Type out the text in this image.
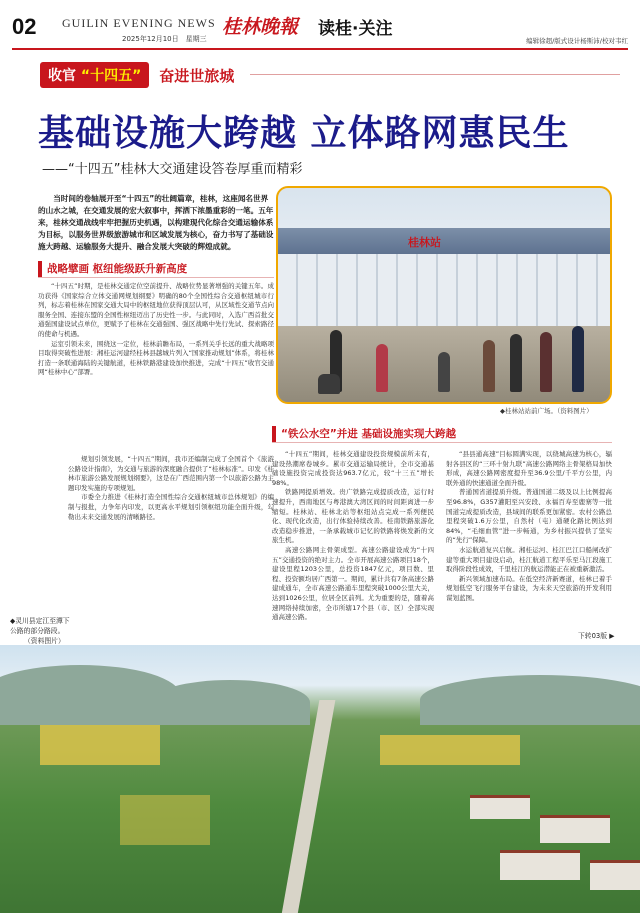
02 GUILIN EVENING NEWS
2025年12月10日　星期三
桂林晚報 读桂·关注
编辑徐超/版式设计杨斯沛/校对韦红
收官 “十四五”	奋进世旅城
基础设施大跨越 立体路网惠民生
——“十四五”桂林大交通建设答卷厚重而精彩
当时间的卷轴展开至“十四五”的壮阔篇章，桂林，这座闻名世界的山水之城，在交通发展的宏大叙事中，挥洒下浓墨重彩的一笔。五年来，桂林交通战线牢牢把握历史机遇，以构建现代化综合交通运输体系为目标，以服务世界级旅游城市和区域发展为核心，奋力书写了基础设施大跨越、运输服务大提升、融合发展大突破的辉煌成就。
战略擘画 枢纽能级跃升新高度

“十四五”时期，是桂林交通定位空前提升、战略位势显著增强的关键五年。成功获得《国家综合立体交通网规划纲要》明确的80个全国性综合交通枢纽城市行列，标志着桂林在国家交通大局中的枢纽地位获得顶层认可，从区域性交通节点向服务全国、连接东盟的全国性枢纽迈出了历史性一步。与此同时，入选广西首批交通强国建设试点单位，更赋予了桂林在交通强国、强区战略中先行先试、探索路径的使命与机遇。

运室引领未来，围绕这一定位，桂林前瞻布局，一系列关乎长远的重大战略项目取得突破性进展：湘桂运河建经桂林县越城片列入“国家推动规划”体系，将桂林打造一条联通海陆的关键航道，桂林铁路港建设加快推进，完成“十四五”收官交通网“桂林中心”部署。

规划引领发展，“十四五”期间，我市还编制完成了全国首个《旅游公路设计指南》，为交通与旅游的深度融合提供了“桂林标准”。印发《桂林市旅游公路发展规划纲要》，这是在广西范围内第一个以旅游公路为主题印发实施的专项规划。

市委全力推进《桂林打造全国性综合交通枢纽城市总体规划》的编制与报批，力争年内印发，以更高水平规划引领枢纽功能全面升级，勾勒出未来交通发展的清晰路径。

桂林站
◆桂林站站前广场。（资料图片）
“铁公水空”并进 基础设施实现大跨越

“十四五”期间，桂林交通建设投资规模前所未有，建设热潮席卷城乡。累市交通运输局统计，全市交通基础设施投资完成投资达963.7亿元，较“十三五”增长98%。

铁路网提质增效。贵广铁路完成提质改造，运行时速提升，西南地区与粤港澳大湾区间的时间距离进一步缩短。桂林站、桂林北站等枢纽站点完成一系列便民化、现代化改造，出行体验持续改善。桂南铁路旅游化改造稳步推进，一条承载城市记忆的铁路将焕发新的文旅生机。

高速公路网主骨架成型。高速公路建设成为“十四五”交通投资的绝对主力。全市开展高速公路项目18个，建设里程1203公里，总投资1847亿元，项目数、里程、投资额均居广西第一。期间，累计共有7条高速公路建成通车，全市高速公路通车里程突破1000公里大关，达到1026公里，位居全区前列。尤为重要的是，随着高速网络持续加密，全市所辖17个县（市、区）全部实现通高速公路。

“县县通高速”目标圆满实现，以绕城高速为核心，辐射各县区的“三环十射九联”高速公路网络主骨架格局加快形成，高速公路网密度提升至36.9公里/千平方公里，内联外通的快速通道全面升级。

普通国省道提质升级。普通国道二级及以上比例提高至96.8%，G357灌阳至兴安段、永福百寿至鹿寨等一批国道完成提质改造，县域间的联系更加紧密。农村公路总里程突破1.6万公里，自然村（屯）通硬化路比例达到84%，“毛细血管”进一步畅通，为乡村振兴提供了坚实的“先行”保障。

水运航道复兴启航。湘桂运河、桂江巴江口船闸改扩建等重大项目建设启动，桂江航道工程平乐至马江段施工取得阶段性成效，千里桂江的航运潜能正在被重新激活。

新兴领域加速布局。在低空经济新赛道，桂林已着手规划低空飞行服务平台建设，为未来天空旅游的开发利用谋划蓝图。

◆灵川县定江至潭下
公路的部分路段。
（资料图片）
下转03版 ▶
